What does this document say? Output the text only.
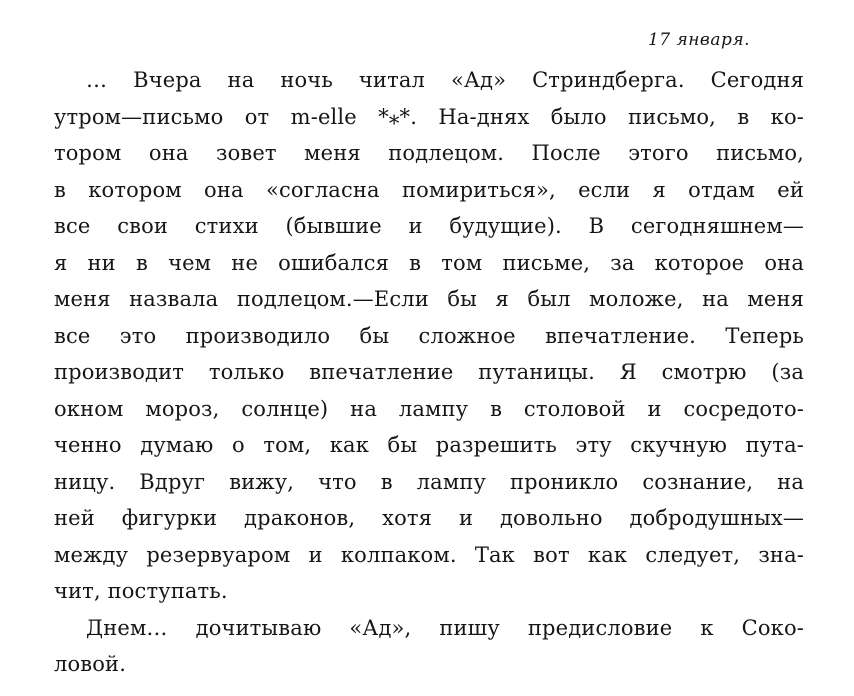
17 января.
… Вчера на ночь читал «Ад» Стриндберга. Сегодня
утром—письмо от m-elle *⁎*. На-днях было письмо, в ко-
тором она зовет меня подлецом. После этого письмо,
в котором она «согласна помириться», если я отдам ей
все свои стихи (бывшие и будущие). В сегодняшнем—
я ни в чем не ошибался в том письме, за которое она
меня назвала подлецом.—Если бы я был моложе, на меня
все это производило бы сложное впечатление. Теперь
производит только впечатление путаницы. Я смотрю (за
окном мороз, солнце) на лампу в столовой и сосредото-
ченно думаю о том, как бы разрешить эту скучную пута-
ницу. Вдруг вижу, что в лампу проникло сознание, на
ней фигурки драконов, хотя и довольно добродушных—
между резервуаром и колпаком. Так вот как следует, зна-
чит, поступать.
Днем… дочитываю «Ад», пишу предисловие к Соко-
ловой.
